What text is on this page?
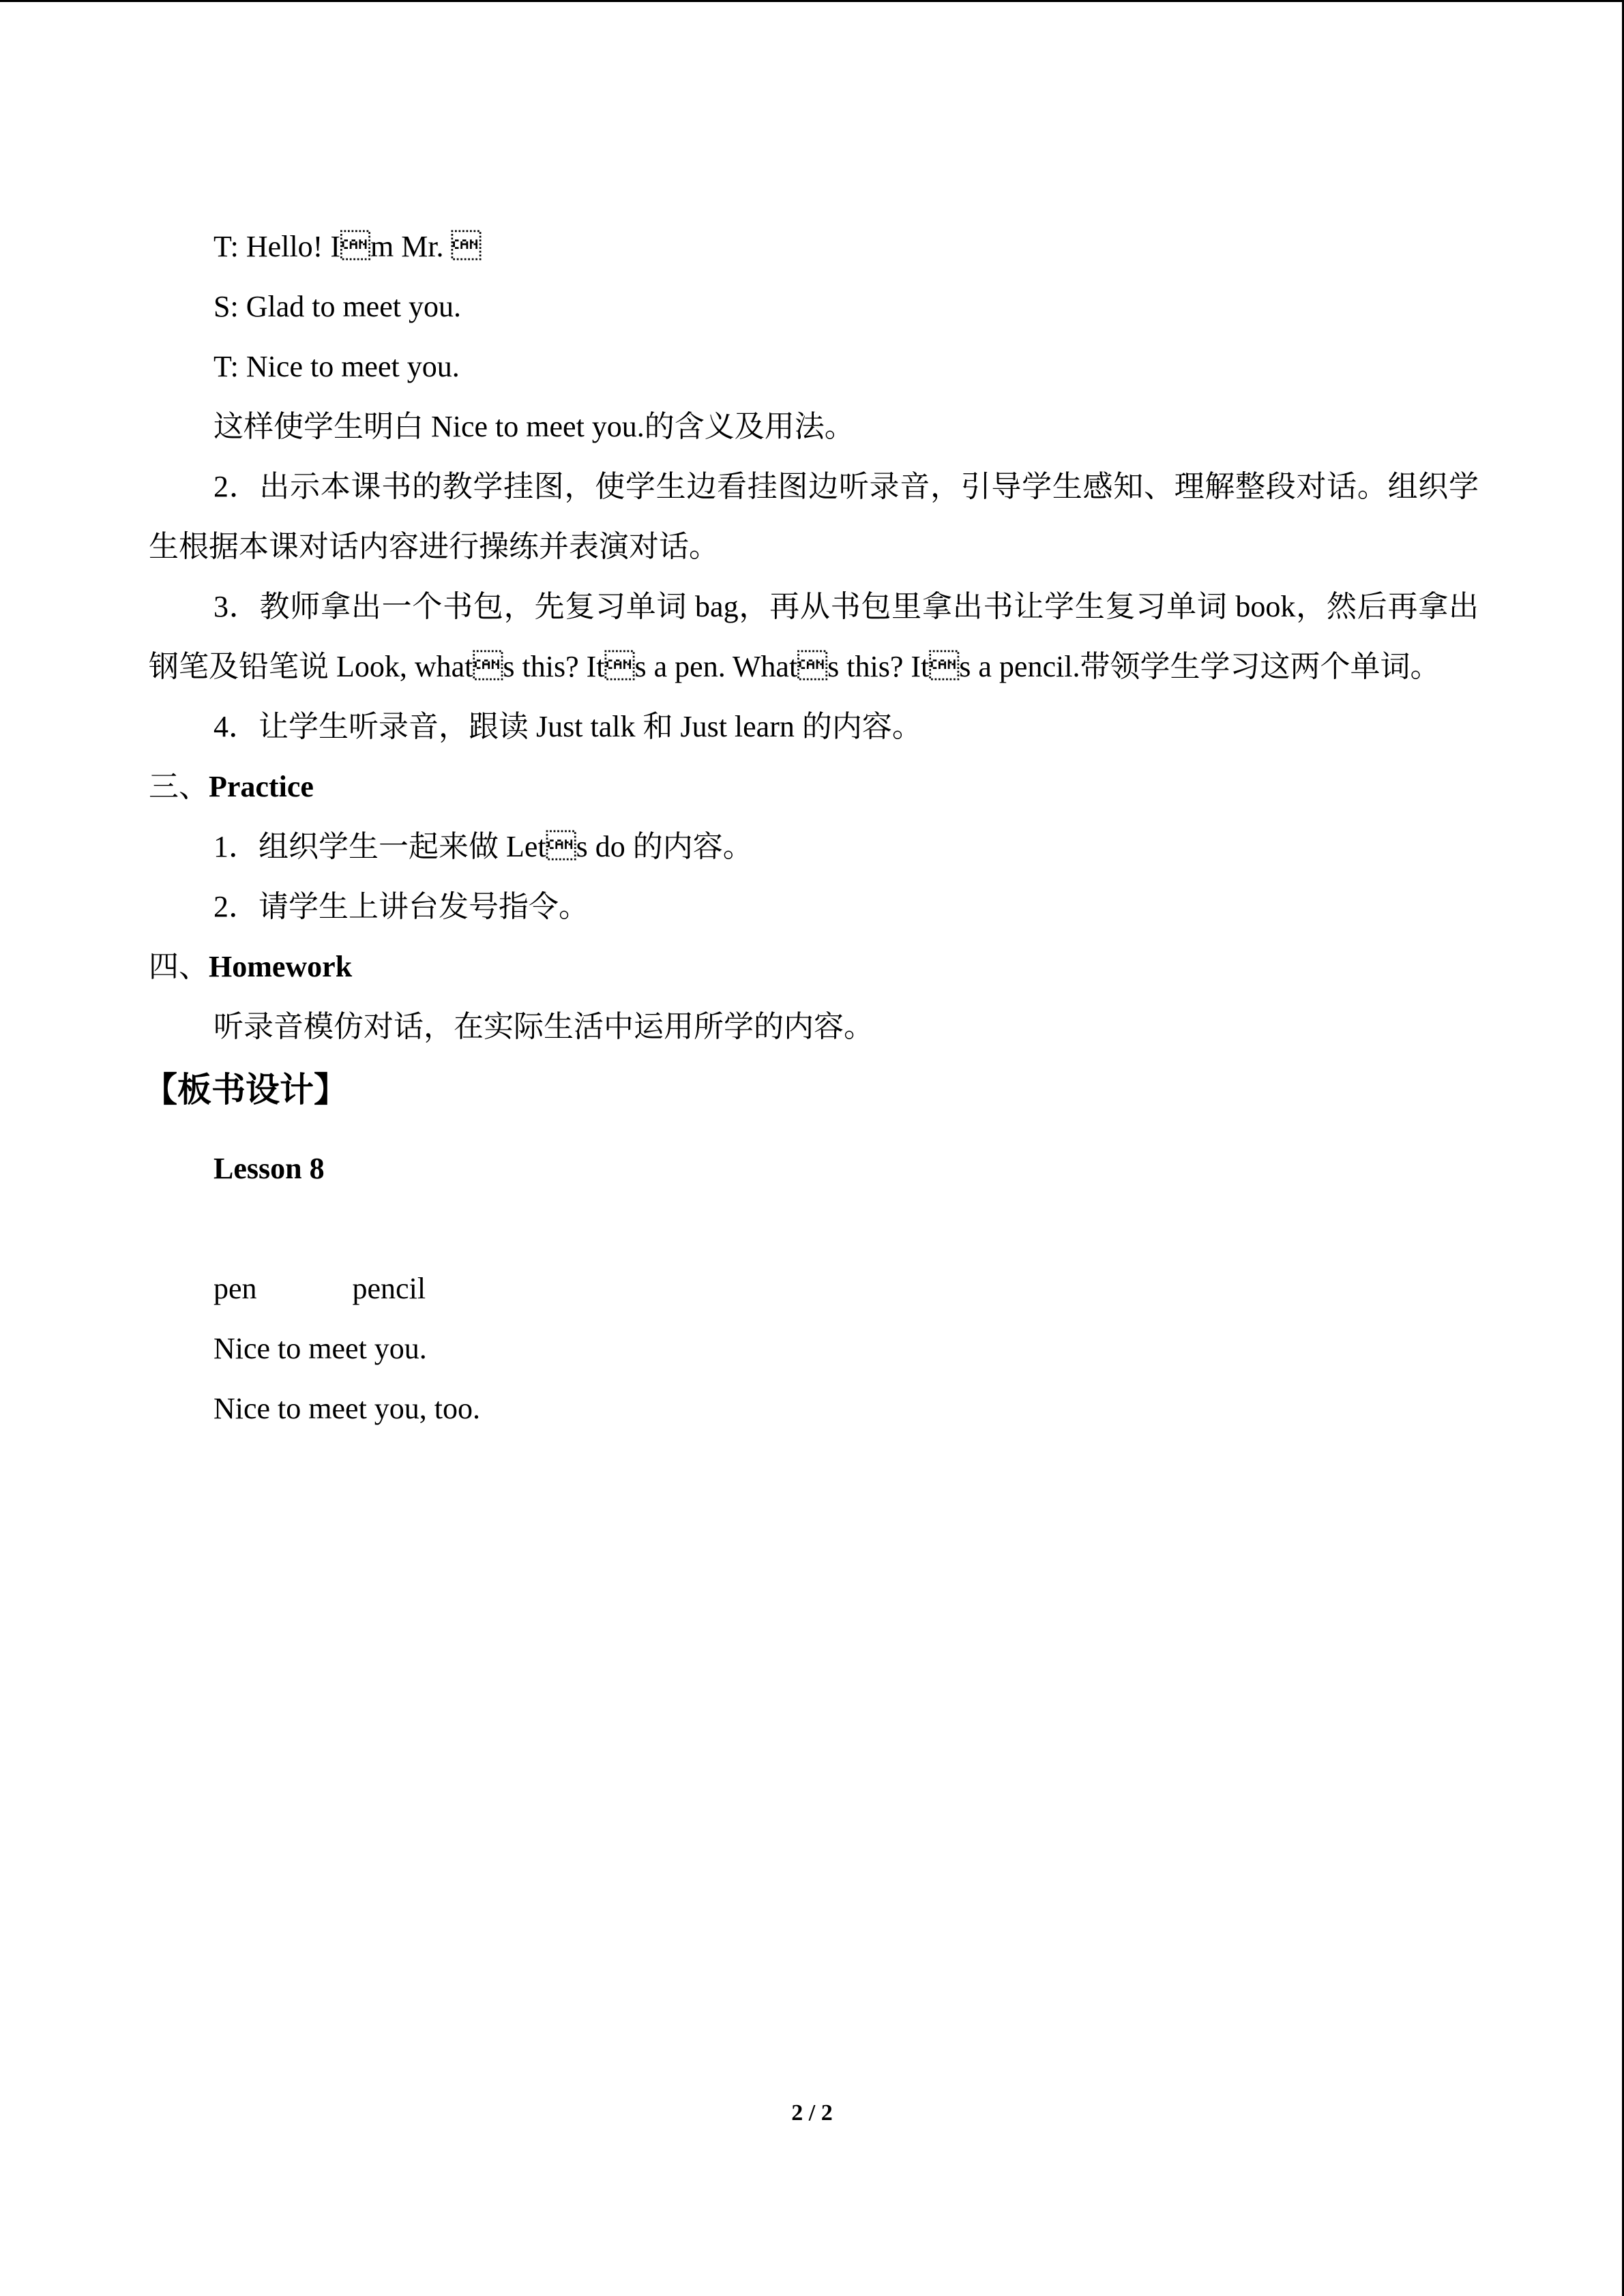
T: Hello! Im Mr. 

S: Glad to meet you.

T: Nice to meet you.

这样使学生明白 Nice to meet you.的含义及用法。

2．出示本课书的教学挂图，使学生边看挂图边听录音，引导学生感知、理解整段对话。组织学生根据本课对话内容进行操练并表演对话。

3．教师拿出一个书包，先复习单词 bag，再从书包里拿出书让学生复习单词 book，然后再拿出钢笔及铅笔说 Look, whats this? Its a pen. Whats this? Its a pencil.带领学生学习这两个单词。

4．让学生听录音，跟读 Just talk 和 Just learn 的内容。

三、Practice

1．组织学生一起来做 Lets do 的内容。

2．请学生上讲台发号指令。

四、Homework

听录音模仿对话，在实际生活中运用所学的内容。

【板书设计】

Lesson 8

pen	pencil

Nice to meet you.

Nice to meet you, too.

2 / 2
